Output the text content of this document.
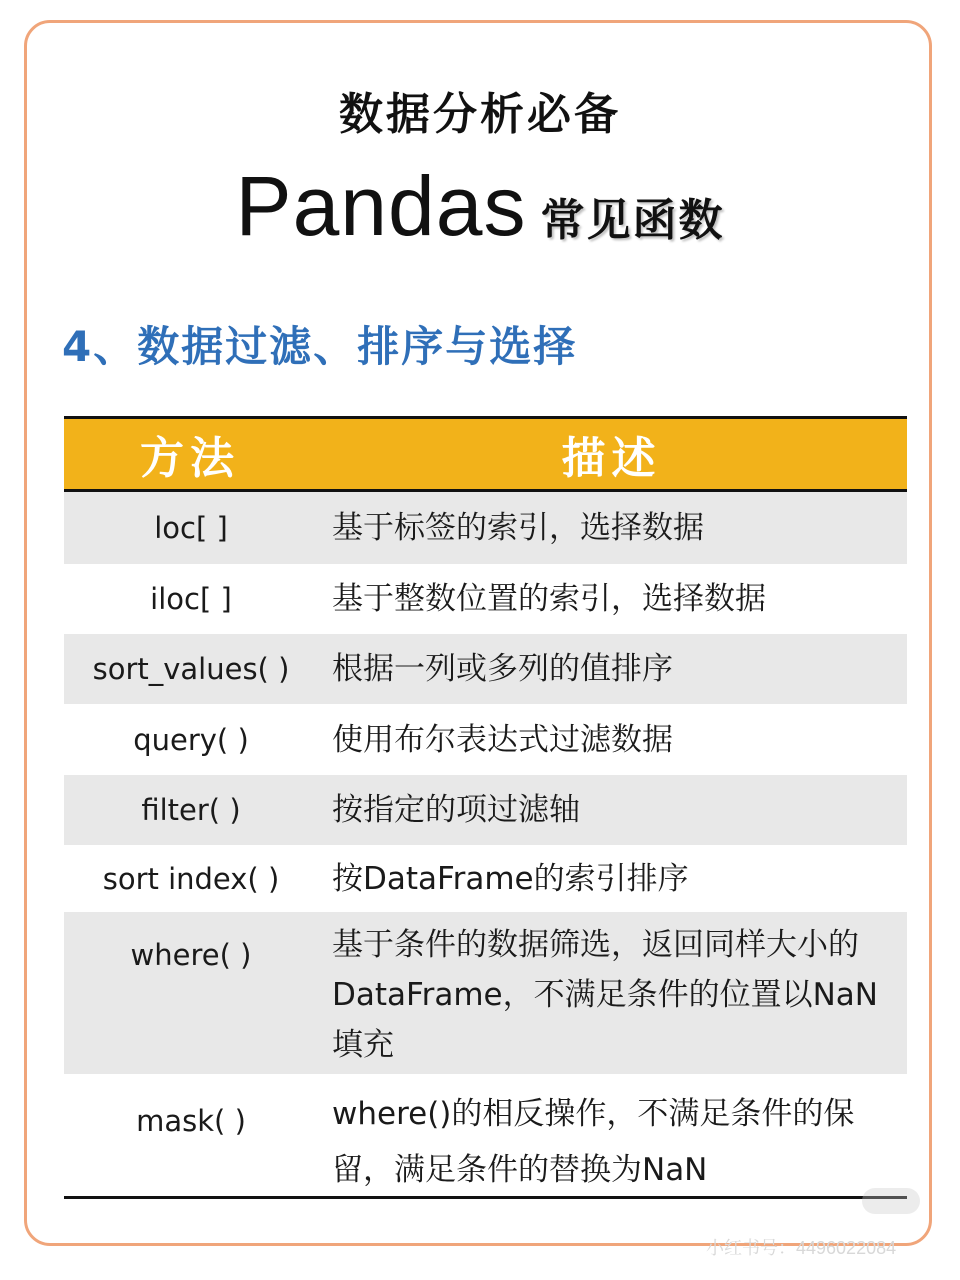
数据分析必备
Pandas 常见函数
4、数据过滤、排序与选择
方法	描述
loc[ ]	基于标签的索引，选择数据
iloc[ ]	基于整数位置的索引，选择数据
sort_values( )	根据一列或多列的值排序
query( )	使用布尔表达式过滤数据
filter( )	按指定的项过滤轴
sort index( )	按DataFrame的索引排序
where( )	基于条件的数据筛选，返回同样大小的DataFrame，不满足条件的位置以NaN填充
mask( )	where()的相反操作，不满足条件的保留，满足条件的替换为NaN
小红书号：4496022084
